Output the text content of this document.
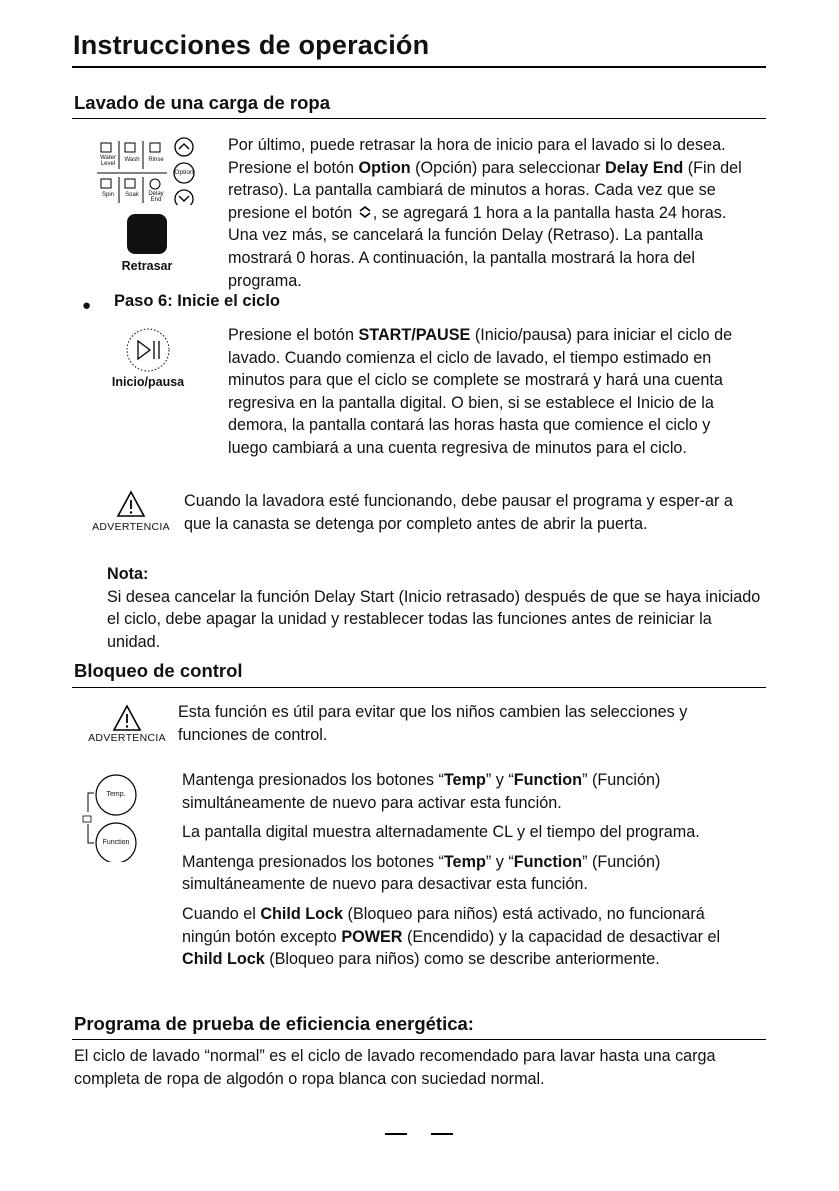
Instrucciones de operación
Lavado de una carga de ropa
Water Level
Wash	Rinse
Spin	Soak	Delay End
Option
Retrasar

Por último, puede retrasar la hora de inicio para el lavado si lo desea. Presione el botón Option (Opción) para seleccionar Delay End (Fin del retraso). La pantalla cambiará de minutos a horas. Cada vez que se presione el botón , se agregará 1 hora a la pantalla hasta 24 horas. Una vez más, se cancelará la función Delay (Retraso). La pantalla mostrará 0 horas. A continuación, la pantalla mostrará la hora del programa.

● Paso 6: Inicie el ciclo
Inicio/pausa

Presione el botón START/PAUSE (Inicio/pausa) para iniciar el ciclo de lavado. Cuando comienza el ciclo de lavado, el tiempo estimado en minutos para que el ciclo se complete se mostrará y hará una cuenta regresiva en la pantalla digital. O bien, si se establece el Inicio de la demora, la pantalla contará las horas hasta que comience el ciclo y luego cambiará a una cuenta regresiva de minutos para el ciclo.

ADVERTENCIA
Cuando la lavadora esté funcionando, debe pausar el programa y esper-ar a que la canasta se detenga por completo antes de abrir la puerta.

Nota:

Si desea cancelar la función Delay Start (Inicio retrasado) después de que se haya iniciado el ciclo, debe apagar la unidad y restablecer todas las funciones antes de reiniciar la unidad.

Bloqueo de control
ADVERTENCIA
Esta función es útil para evitar que los niños cambien las selecciones y funciones de control.
Temp.
Function

Mantenga presionados los botones “Temp” y “Function” (Función) simultáneamente de nuevo para activar esta función.

La pantalla digital muestra alternadamente CL y el tiempo del programa.

Mantenga presionados los botones “Temp” y “Function” (Función) simultáneamente de nuevo para desactivar esta función.

Cuando el Child Lock (Bloqueo para niños) está activado, no funcionará ningún botón excepto POWER (Encendido) y la capacidad de desactivar el Child Lock (Bloqueo para niños) como se describe anteriormente.

Programa de prueba de eficiencia energética:
El ciclo de lavado “normal” es el ciclo de lavado recomendado para lavar hasta una carga completa de ropa de algodón o ropa blanca con suciedad normal.
